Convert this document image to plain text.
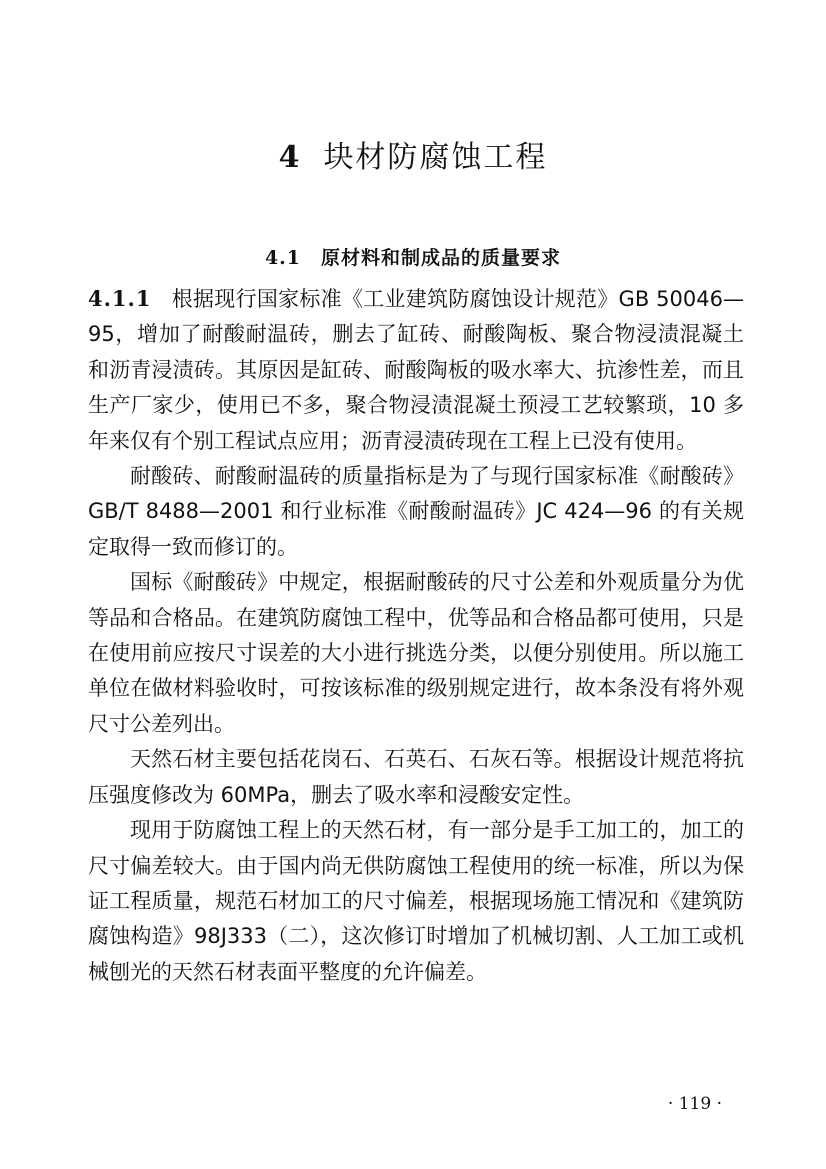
4 块材防腐蚀工程
4.1 原材料和制成品的质量要求

4.1.1 根据现行国家标准《工业建筑防腐蚀设计规范》GB 50046—95，增加了耐酸耐温砖，删去了缸砖、耐酸陶板、聚合物浸渍混凝土和沥青浸渍砖。其原因是缸砖、耐酸陶板的吸水率大、抗渗性差，而且生产厂家少，使用已不多，聚合物浸渍混凝土预浸工艺较繁琐，10 多年来仅有个别工程试点应用；沥青浸渍砖现在工程上已没有使用。

耐酸砖、耐酸耐温砖的质量指标是为了与现行国家标准《耐酸砖》GB/T 8488—2001 和行业标准《耐酸耐温砖》JC 424—96 的有关规定取得一致而修订的。

国标《耐酸砖》中规定，根据耐酸砖的尺寸公差和外观质量分为优等品和合格品。在建筑防腐蚀工程中，优等品和合格品都可使用，只是在使用前应按尺寸误差的大小进行挑选分类，以便分别使用。所以施工单位在做材料验收时，可按该标准的级别规定进行，故本条没有将外观尺寸公差列出。

天然石材主要包括花岗石、石英石、石灰石等。根据设计规范将抗压强度修改为 60MPa，删去了吸水率和浸酸安定性。

现用于防腐蚀工程上的天然石材，有一部分是手工加工的，加工的尺寸偏差较大。由于国内尚无供防腐蚀工程使用的统一标准，所以为保证工程质量，规范石材加工的尺寸偏差，根据现场施工情况和《建筑防腐蚀构造》98J333（二），这次修订时增加了机械切割、人工加工或机械刨光的天然石材表面平整度的允许偏差。

· 119 ·
